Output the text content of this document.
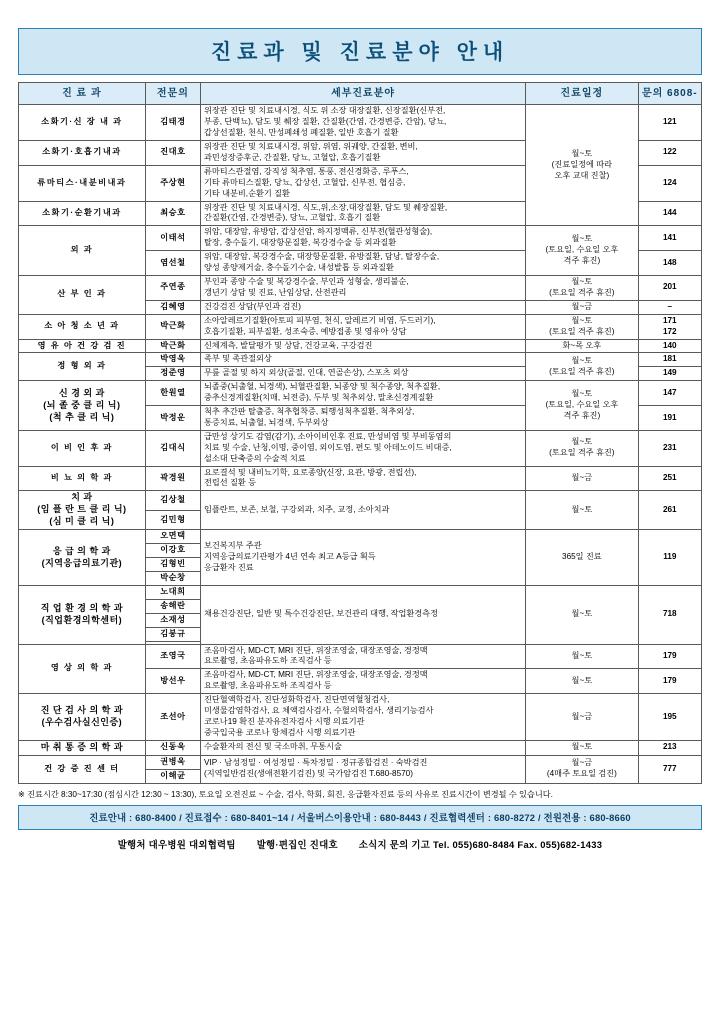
진료과 및 진료분야 안내
진 료 과	전문의	세부진료분야	진료일정	문의 6808-
소화기·신 장 내 과	김태경	위장관 진단 및 치료내시경, 식도 위 소장 대장질환, 신장질환(신부전,
부종, 단백뇨), 담도 및 췌장 질환, 간질환(간염, 간경변증, 간암), 당뇨,
갑상선질환, 천식, 만성폐쇄성 폐질환, 일반 호흡기 질환	월~토
(진료일정에 따라
오후 교대 진찰)	121
소화기·호흡기내과	진대호	위장관 진단 및 치료내시경, 위암, 위염, 위궤양, 간질환, 변비,
과민성장증후군, 간질환, 당뇨, 고혈압, 호흡기질환		122
류마티스·내분비내과	주상현	류마티스관절염, 강직성 척추염, 통풍, 전신경화증, 루푸스,
기타 류마티스질환, 당뇨, 갑상선, 고혈압, 신부전, 협심증,
기타 내분비,순환기 질환		124
소화기·순환기내과	최승호	위장관 진단 및 치료내시경, 식도,위,소장,대장질환, 담도 및 췌장질환,
간질환(간염, 간경변증), 당뇨, 고혈압, 호흡기 질환		144
외 과	이태석	위암, 대장암, 유방암, 갑상선암, 하지정맥류, 신부전(혈관성형술),
탈장, 충수돌기, 대장항문질환, 복강경수술 등 외과질환	월~토
(토요일, 수요일 오후
격주 휴진)	141
	염선철	위암, 대장암, 복강경수술, 대장항문질환, 유방질환, 담낭, 탈장수술,
양성 종양제거술, 충수돌기수술, 내성발톱 등 외과질환		148
산 부 인 과	주연종	부인과 종양 수술 및 복강경수술, 부인과 성형술, 생리불순,
갱년기 상담 및 진료, 난임상담, 산전관리	월~토
(토요일 격주 휴진)	201
	김혜영	건강검진 상담(부인과 검진)	월~금	–
소 아 청 소 년 과	박근화	소아알레르기질환(아토피 피부염, 천식, 알레르기 비염, 두드러기),
호흡기질환, 피부질환, 성조숙증, 예방접종 및 영유아 상담	월~토
(토요일 격주 휴진)	171
172
영 유 아 건 강 검 진	박근화	신체계측, 발달평가 및 상담, 건강교육, 구강검진	화~목 오후	140
정 형 외 과	박영욱	족부 및 족관절외상	월~토
(토요일 격주 휴진)	181
	정준영	무릎 골절 및 하지 외상(골절, 인대, 연골손상), 스포츠 외상		149
신 경 외 과
(뇌 졸 중 클 리 닉)
(척 추 클 리 닉)	한원열	뇌졸중(뇌출혈, 뇌경색), 뇌혈관질환, 뇌종양 및 척수종양, 척추질환,
중추신경계질환(치매, 뇌전증), 두부 및 척추외상, 말초신경계질환	월~토
(토요일, 수요일 오후
격주 휴진)	147
	박정운	척추 추간판 탈출증, 척추협착증, 퇴행성척추질환, 척추외상,
통증치료, 뇌출혈, 뇌경색, 두부외상		191
이 비 인 후 과	김대식	급만성 상기도 감염(감기), 소아이비인후 진료, 만성비염 및 부비동염의
치료 및 수술, 난청,이명, 중이염, 외이도염, 편도 및 아데노이드 비대증,
설소대 단축증의 수술적 치료	월~토
(토요일 격주 휴진)	231
비 뇨 의 학 과	곽경원	요로결석 및 내비뇨기학, 요로종양(신장, 요관, 방광, 전립선),
전립선 질환 등	월~금	251
치 과
(임 플 란 트 클 리 닉)
(심 미 클 리 닉)	김상철	임플란트, 보존, 보철, 구강외과, 치주, 교정, 소아치과	월~토	261
	김민형			
응 급 의 학 과
(지역응급의료기관)	오면택	보건복지부 주관
지역응급의료기관평가 4년 연속 최고 A등급 획득
응급환자 진료	365일 진료	119
	이강호			
	김형빈			
	박순창			
직 업 환 경 의 학 과
(직업환경의학센터)	노대희	채용건강진단, 일반 및 특수건강진단, 보건관리 대행, 작업환경측정	월~토	718
	송해란			
	소재성			
	김붕규			

영 상 의 학 과	조영국	조음마검사, MD-CT, MRI 진단, 위장조영술, 대장조영술, 경정맥
요로촬영, 초음파유도하 조직검사 등	월~토	179
	방선우	조음마검사, MD-CT, MRI 진단, 위장조영술, 대장조영술, 경정맥
요로촬영, 초음파유도하 조직검사 등	월~토	179
진 단 검 사 의 학 과
(우수검사실신인증)	조선아	진단혈액학검사, 진단성화학검사, 진단면역혈청검사,
미생물감염학검사, 요 체액검사검사, 수혈의학검사, 생리기능검사
코로나19 확진 분자유전자검사 시행 의료기관
중국입국용 코로나 항체검사 시행 의료기관	월~금	195
마 취 통 증 의 학 과	신동욱	수술환자의 전신 및 국소마취, 무통시술	월~토	213
건 강 증 진 센 터	권병욱	VIP · 남성정밀 · 여성정밀 · 특차정밀 · 정규종합검진 · 숙박검진
(지역일반검진(생애전환기검진) 및 국가암검진 T.680-8570)	월~금
(4매주 토요일 검진)	777
	이해균			
※ 진료시간 8:30~17:30 (점심시간 12:30 ~ 13:30), 토요일 오전진료 ~ 수술, 검사, 학회, 회진, 응급환자진료 등의 사유로 진료시간이 변경될 수 있습니다.
진료안내 : 680-8400 / 진료접수 : 680-8401~14 / 서울버스이용안내 : 680-8443 / 진료협력센터 : 680-8272 / 전원전용 : 680-8660
발행처 대우병원 대외협력팀 발행·편집인 진대호 소식지 문의 기고 Tel. 055)680-8484 Fax. 055)682-1433
